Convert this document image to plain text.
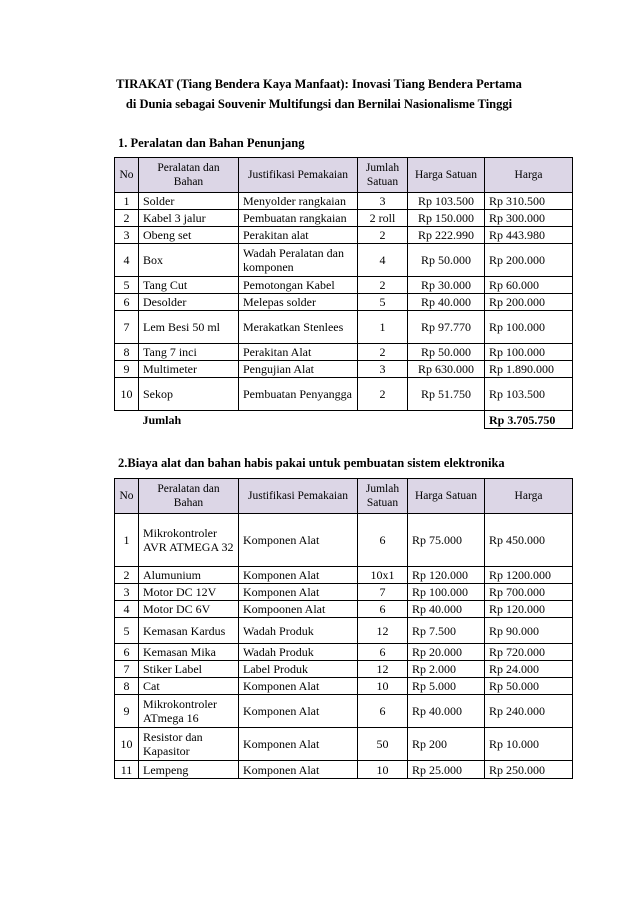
TIRAKAT (Tiang Bendera Kaya Manfaat): Inovasi Tiang Bendera Pertama
di Dunia sebagai Souvenir Multifungsi dan Bernilai Nasionalisme Tinggi
1. Peralatan dan Bahan Penunjang
No	Peralatan dan Bahan	Justifikasi Pemakaian	Jumlah Satuan	Harga Satuan	Harga
1	Solder	Menyolder rangkaian	3	Rp 103.500	Rp 310.500
2	Kabel 3 jalur	Pembuatan rangkaian	2 roll	Rp 150.000	Rp 300.000
3	Obeng set	Perakitan alat	2	Rp 222.990	Rp 443.980
4	Box	Wadah Peralatan dan komponen	4	Rp 50.000	Rp 200.000
5	Tang Cut	Pemotongan Kabel	2	Rp 30.000	Rp 60.000
6	Desolder	Melepas solder	5	Rp 40.000	Rp 200.000
7	Lem Besi 50 ml	Merakatkan Stenlees	1	Rp 97.770	Rp 100.000
8	Tang 7 inci	Perakitan Alat	2	Rp 50.000	Rp 100.000
9	Multimeter	Pengujian Alat	3	Rp 630.000	Rp 1.890.000
10	Sekop	Pembuatan Penyangga	2	Rp 51.750	Rp 103.500
	Jumlah				Rp 3.705.750
2.Biaya alat dan bahan habis pakai untuk pembuatan sistem elektronika
No	Peralatan dan Bahan	Justifikasi Pemakaian	Jumlah Satuan	Harga Satuan	Harga
1	Mikrokontroler AVR ATMEGA 32	Komponen Alat	6	Rp 75.000	Rp 450.000
2	Alumunium	Komponen Alat	10x1	Rp 120.000	Rp 1200.000
3	Motor DC 12V	Komponen Alat	7	Rp 100.000	Rp 700.000
4	Motor DC 6V	Kompoonen Alat	6	Rp 40.000	Rp 120.000
5	Kemasan Kardus	Wadah Produk	12	Rp 7.500	Rp 90.000
6	Kemasan Mika	Wadah Produk	6	Rp 20.000	Rp 720.000
7	Stiker Label	Label Produk	12	Rp 2.000	Rp 24.000
8	Cat	Komponen Alat	10	Rp 5.000	Rp 50.000
9	Mikrokontroler ATmega 16	Komponen Alat	6	Rp 40.000	Rp 240.000
10	Resistor dan Kapasitor	Komponen Alat	50	Rp 200	Rp 10.000
11	Lempeng	Komponen Alat	10	Rp 25.000	Rp 250.000
